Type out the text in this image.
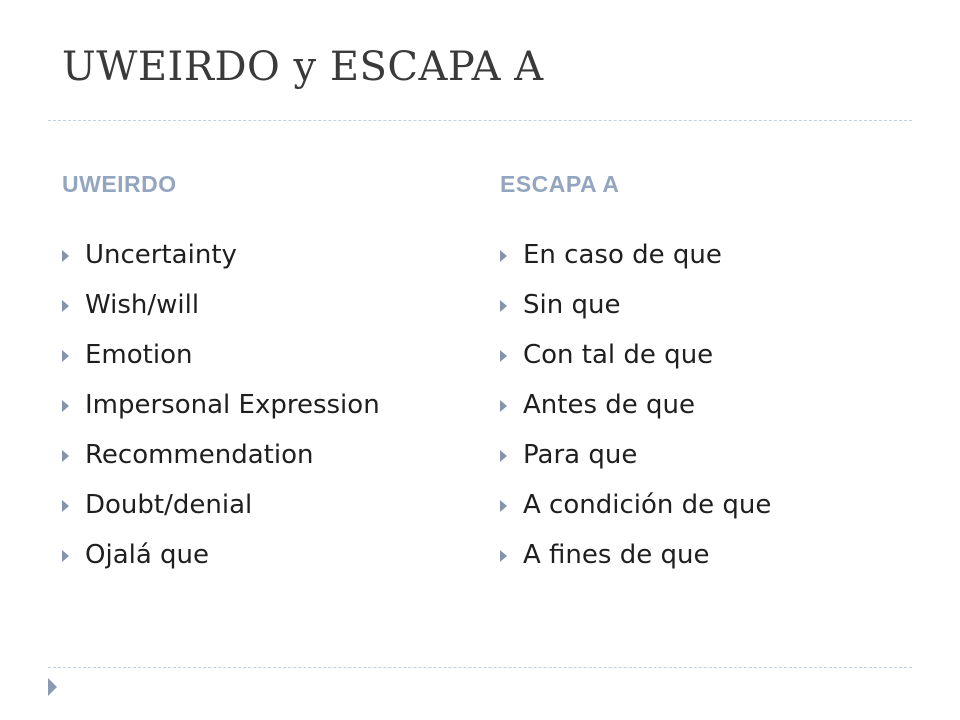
UWEIRDO y ESCAPA A
UWEIRDO
Uncertainty
Wish/will
Emotion
Impersonal Expression
Recommendation
Doubt/denial
Ojalá que
ESCAPA A
En caso de que
Sin que
Con tal de que
Antes de que
Para que
A condición de que
A fines de que
